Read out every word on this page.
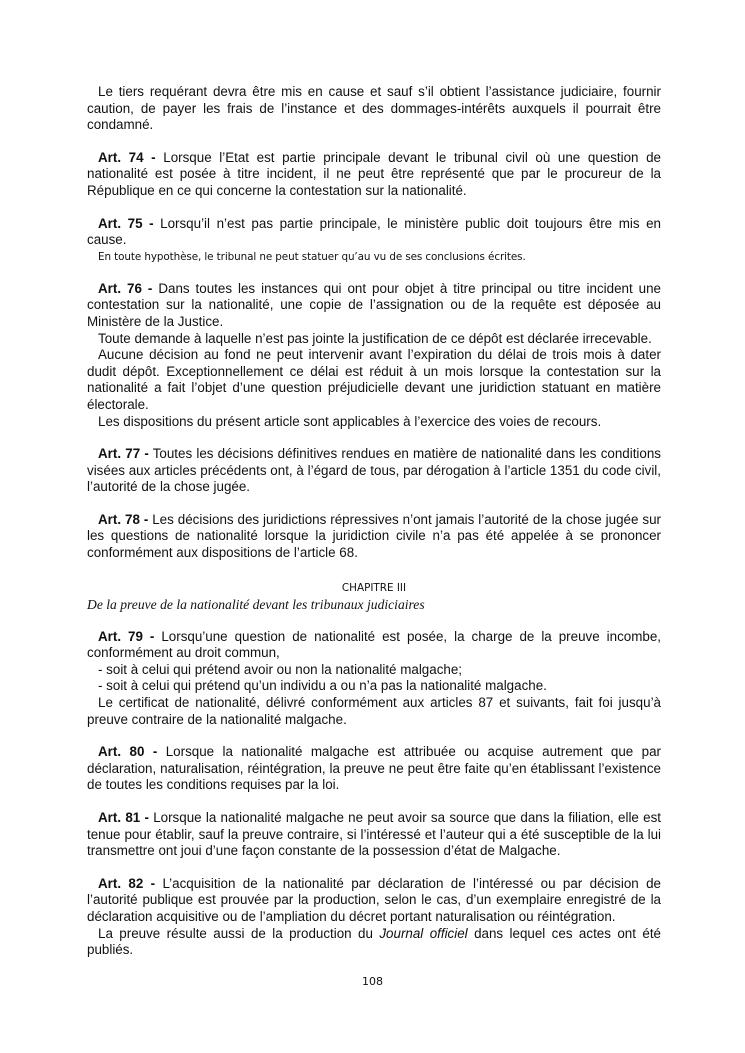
Le tiers requérant devra être mis en cause et sauf s’il obtient l’assistance judiciaire, fournir caution, de payer les frais de l’instance et des dommages-intérêts auxquels il pourrait être condamné.

Art. 74 - Lorsque l’Etat est partie principale devant le tribunal civil où une question de nationalité est posée à titre incident, il ne peut être représenté que par le procureur de la République en ce qui concerne la contestation sur la nationalité.

Art. 75 - Lorsqu’il n’est pas partie principale, le ministère public doit toujours être mis en cause.

En toute hypothèse, le tribunal ne peut statuer qu’au vu de ses conclusions écrites.

Art. 76 - Dans toutes les instances qui ont pour objet à titre principal ou titre incident une contestation sur la nationalité, une copie de l’assignation ou de la requête est déposée au Ministère de la Justice.

Toute demande à laquelle n’est pas jointe la justification de ce dépôt est déclarée irrecevable.

Aucune décision au fond ne peut intervenir avant l’expiration du délai de trois mois à dater dudit dépôt. Exceptionnellement ce délai est réduit à un mois lorsque la contestation sur la nationalité a fait l’objet d’une question préjudicielle devant une juridiction statuant en matière électorale.

Les dispositions du présent article sont applicables à l’exercice des voies de recours.

Art. 77 - Toutes les décisions définitives rendues en matière de nationalité dans les conditions visées aux articles précédents ont, à l’égard de tous, par dérogation à l’article 1351 du code civil, l’autorité de la chose jugée.

Art. 78 - Les décisions des juridictions répressives n’ont jamais l’autorité de la chose jugée sur les questions de nationalité lorsque la juridiction civile n’a pas été appelée à se prononcer conformément aux dispositions de l’article 68.

CHAPITRE III

De la preuve de la nationalité devant les tribunaux judiciaires

Art. 79 - Lorsqu’une question de nationalité est posée, la charge de la preuve incombe, conformément au droit commun,

- soit à celui qui prétend avoir ou non la nationalité malgache;

- soit à celui qui prétend qu’un individu a ou n’a pas la nationalité malgache.

Le certificat de nationalité, délivré conformément aux articles 87 et suivants, fait foi jusqu’à preuve contraire de la nationalité malgache.

Art. 80 - Lorsque la nationalité malgache est attribuée ou acquise autrement que par déclaration, naturalisation, réintégration, la preuve ne peut être faite qu’en établissant l’existence de toutes les conditions requises par la loi.

Art. 81 - Lorsque la nationalité malgache ne peut avoir sa source que dans la filiation, elle est tenue pour établir, sauf la preuve contraire, si l’intéressé et l’auteur qui a été susceptible de la lui transmettre ont joui d’une façon constante de la possession d’état de Malgache.

Art. 82 - L’acquisition de la nationalité par déclaration de l’intéressé ou par décision de l’autorité publique est prouvée par la production, selon le cas, d’un exemplaire enregistré de la déclaration acquisitive ou de l’ampliation du décret portant naturalisation ou réintégration.

La preuve résulte aussi de la production du Journal officiel dans lequel ces actes ont été publiés.

108
